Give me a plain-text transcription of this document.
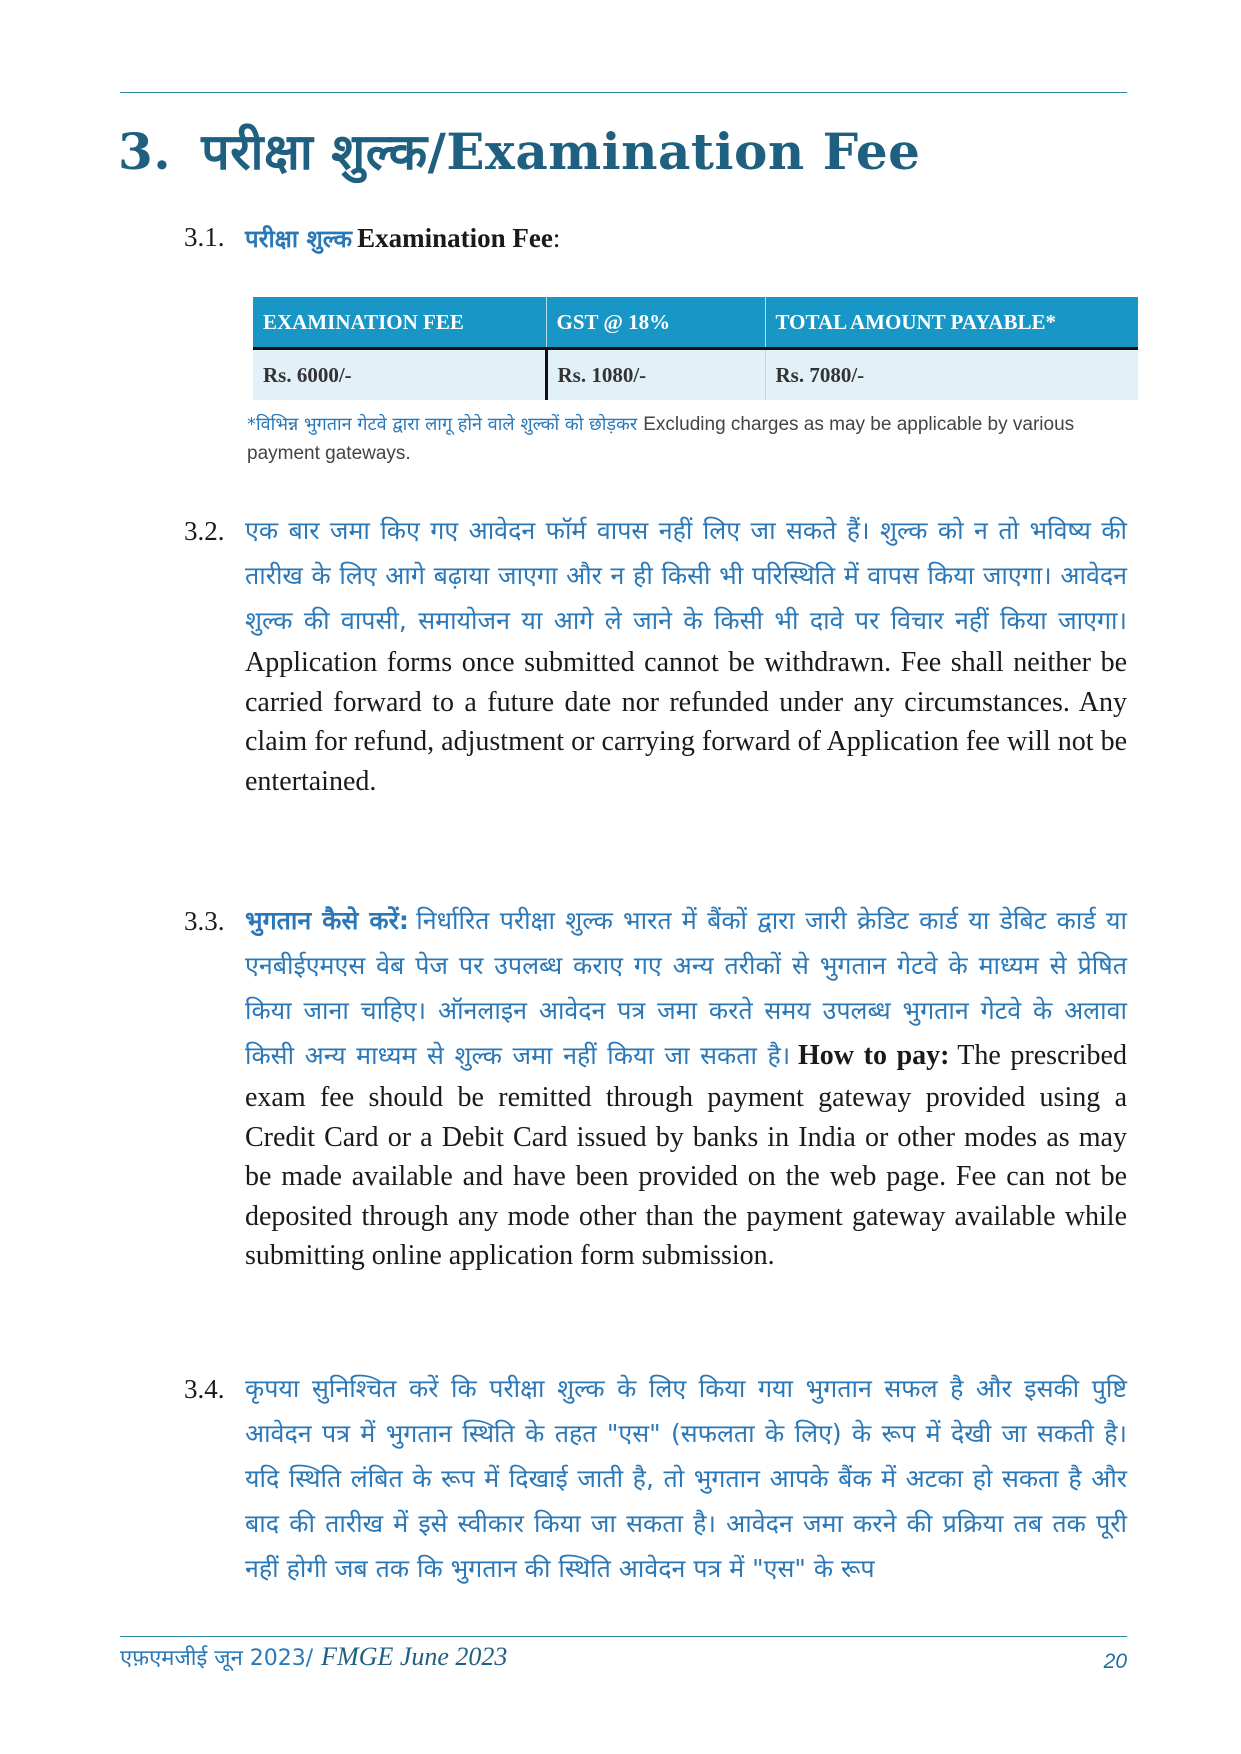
3. परीक्षा शुल्क/Examination Fee
3.1. परीक्षा शुल्क Examination Fee:
EXAMINATION FEE	GST @ 18%	TOTAL AMOUNT PAYABLE*
Rs. 6000/-	Rs. 1080/-	Rs. 7080/-
*विभिन्न भुगतान गेटवे द्वारा लागू होने वाले शुल्कों को छोड़कर Excluding charges as may be applicable by various payment gateways.
3.2. एक बार जमा किए गए आवेदन फॉर्म वापस नहीं लिए जा सकते हैं। शुल्क को न तो भविष्य की तारीख के लिए आगे बढ़ाया जाएगा और न ही किसी भी परिस्थिति में वापस किया जाएगा। आवेदन शुल्क की वापसी, समायोजन या आगे ले जाने के किसी भी दावे पर विचार नहीं किया जाएगा। Application forms once submitted cannot be withdrawn. Fee shall neither be carried forward to a future date nor refunded under any circumstances. Any claim for refund, adjustment or carrying forward of Application fee will not be entertained.
3.3. भुगतान कैसे करें: निर्धारित परीक्षा शुल्क भारत में बैंकों द्वारा जारी क्रेडिट कार्ड या डेबिट कार्ड या एनबीईएमएस वेब पेज पर उपलब्ध कराए गए अन्य तरीकों से भुगतान गेटवे के माध्यम से प्रेषित किया जाना चाहिए। ऑनलाइन आवेदन पत्र जमा करते समय उपलब्ध भुगतान गेटवे के अलावा किसी अन्य माध्यम से शुल्क जमा नहीं किया जा सकता है। How to pay: The prescribed exam fee should be remitted through payment gateway provided using a Credit Card or a Debit Card issued by banks in India or other modes as may be made available and have been provided on the web page. Fee can not be deposited through any mode other than the payment gateway available while submitting online application form submission.
3.4. कृपया सुनिश्चित करें कि परीक्षा शुल्क के लिए किया गया भुगतान सफल है और इसकी पुष्टि आवेदन पत्र में भुगतान स्थिति के तहत "एस" (सफलता के लिए) के रूप में देखी जा सकती है। यदि स्थिति लंबित के रूप में दिखाई जाती है, तो भुगतान आपके बैंक में अटका हो सकता है और बाद की तारीख में इसे स्वीकार किया जा सकता है। आवेदन जमा करने की प्रक्रिया तब तक पूरी नहीं होगी जब तक कि भुगतान की स्थिति आवेदन पत्र में "एस" के रूप
एफ़एमजीई जून 2023/ FMGE June 2023	20
